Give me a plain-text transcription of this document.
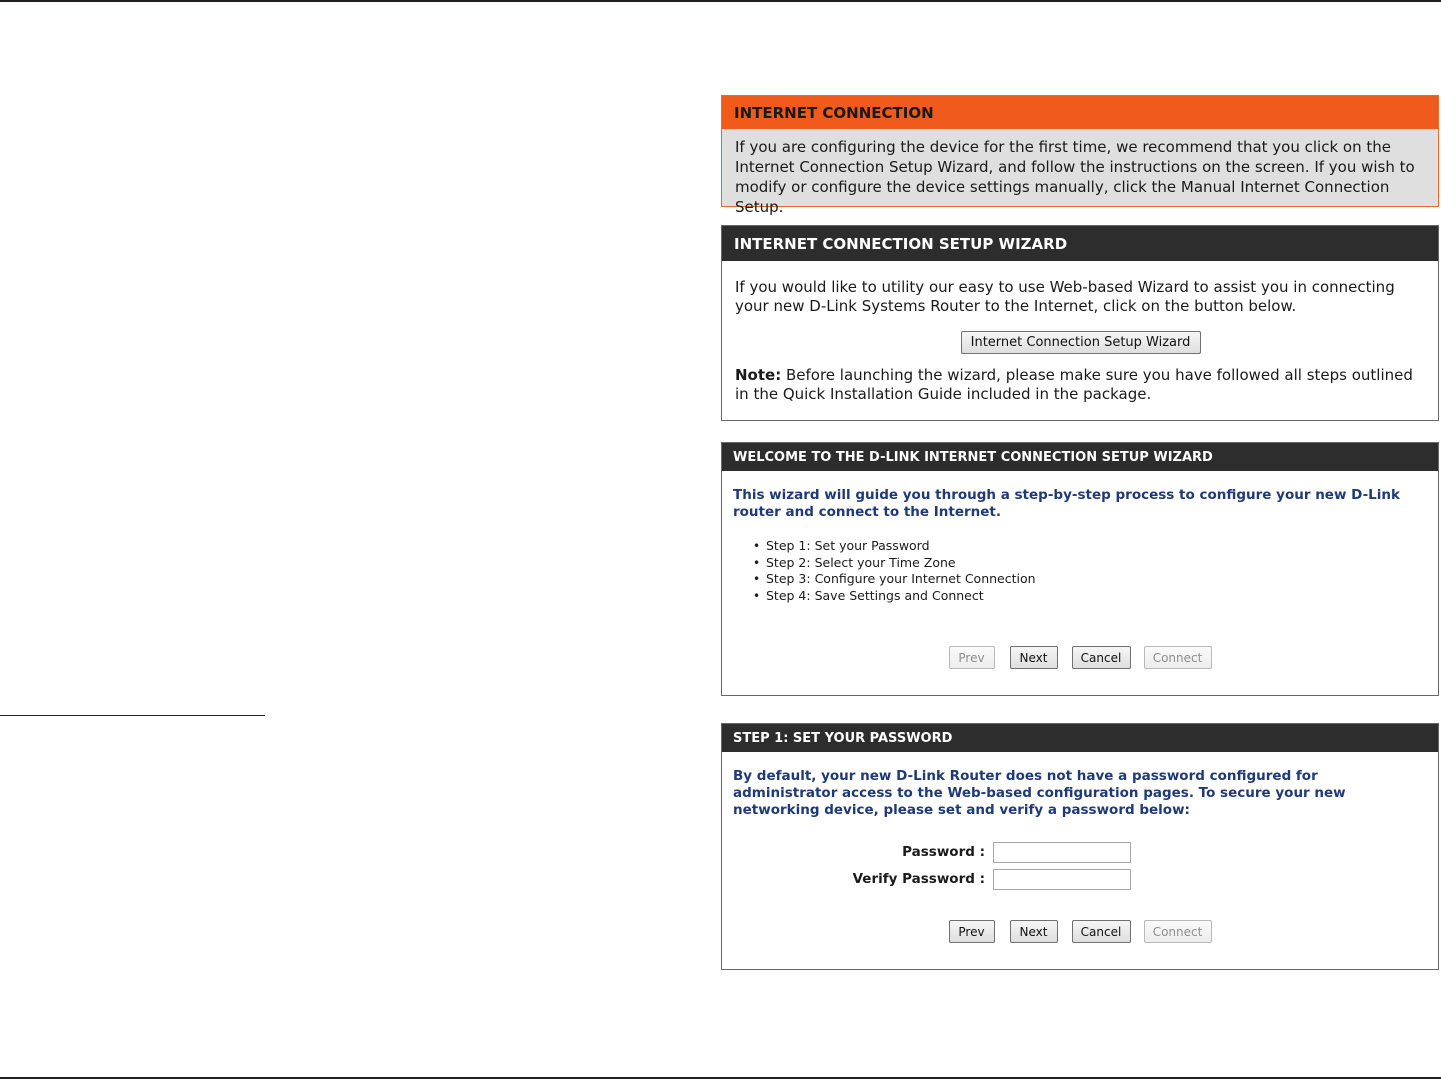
INTERNET CONNECTION
If you are configuring the device for the first time, we recommend that you click on the Internet Connection Setup Wizard, and follow the instructions on the screen. If you wish to modify or configure the device settings manually, click the Manual Internet Connection Setup.
INTERNET CONNECTION SETUP WIZARD
If you would like to utility our easy to use Web-based Wizard to assist you in connecting your new D-Link Systems Router to the Internet, click on the button below.
Internet Connection Setup Wizard

Note: Before launching the wizard, please make sure you have followed all steps outlined in the Quick Installation Guide included in the package.

WELCOME TO THE D-LINK INTERNET CONNECTION SETUP WIZARD

This wizard will guide you through a step-by-step process to configure your new D-Link router and connect to the Internet.

• Step 1: Set your Password
• Step 2: Select your Time Zone
• Step 3: Configure your Internet Connection
• Step 4: Save Settings and Connect
Prev	Next	Cancel	Connect
STEP 1: SET YOUR PASSWORD

By default, your new D-Link Router does not have a password configured for administrator access to the Web-based configuration pages. To secure your new networking device, please set and verify a password below:

Password :
Verify Password :
Prev	Next	Cancel	Connect
